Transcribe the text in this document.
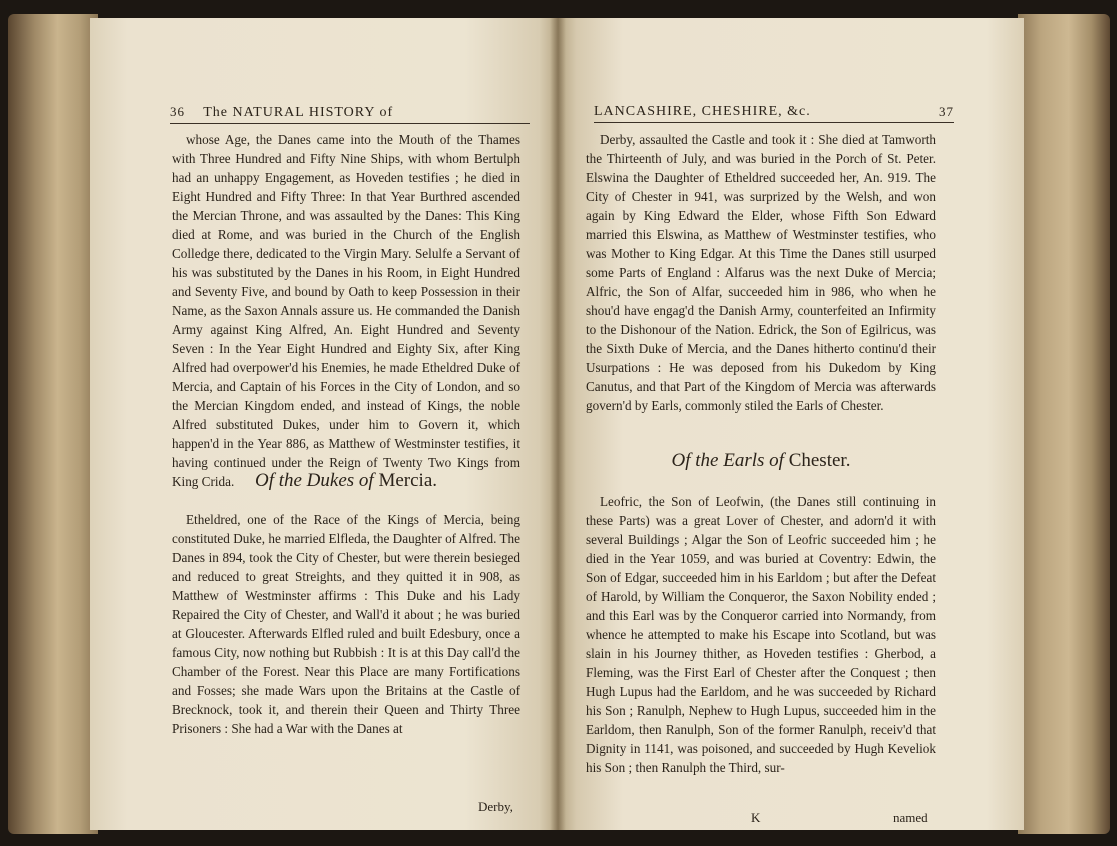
36 The NATURAL HISTORY of

whose Age, the Danes came into the Mouth of the Thames with Three Hundred and Fifty Nine Ships, with whom Bertulph had an unhappy Engagement, as Hoveden testifies ; he died in Eight Hundred and Fifty Three: In that Year Burthred ascended the Mercian Throne, and was assaulted by the Danes: This King died at Rome, and was buried in the Church of the English Colledge there, dedicated to the Virgin Mary. Selulfe a Servant of his was substituted by the Danes in his Room, in Eight Hundred and Seventy Five, and bound by Oath to keep Possession in their Name, as the Saxon Annals assure us. He commanded the Danish Army against King Alfred, An. Eight Hundred and Seventy Seven : In the Year Eight Hundred and Eighty Six, after King Alfred had overpower'd his Enemies, he made Etheldred Duke of Mercia, and Captain of his Forces in the City of London, and so the Mercian Kingdom ended, and instead of Kings, the noble Alfred substituted Dukes, under him to Govern it, which happen'd in the Year 886, as Matthew of Westminster testifies, it having continued under the Reign of Twenty Two Kings from King Crida.	Of the Dukes of Mercia.

Etheldred, one of the Race of the Kings of Mercia, being constituted Duke, he married Elfleda, the Daughter of Alfred. The Danes in 894, took the City of Chester, but were therein besieged and reduced to great Streights, and they quitted it in 908, as Matthew of Westminster affirms : This Duke and his Lady Repaired the City of Chester, and Wall'd it about ; he was buried at Gloucester. Afterwards Elfled ruled and built Edesbury, once a famous City, now nothing but Rubbish : It is at this Day call'd the Chamber of the Forest. Near this Place are many Fortifications and Fosses; she made Wars upon the Britains at the Castle of Brecknock, took it, and therein their Queen and Thirty Three Prisoners : She had a War with the Danes at

Derby,
LANCASHIRE, CHESHIRE, &c.	37

Derby, assaulted the Castle and took it : She died at Tamworth the Thirteenth of July, and was buried in the Porch of St. Peter. Elswina the Daughter of Etheldred succeeded her, An. 919. The City of Chester in 941, was surprized by the Welsh, and won again by King Edward the Elder, whose Fifth Son Edward married this Elswina, as Matthew of Westminster testifies, who was Mother to King Edgar. At this Time the Danes still usurped some Parts of England : Alfarus was the next Duke of Mercia; Alfric, the Son of Alfar, succeeded him in 986, who when he shou'd have engag'd the Danish Army, counterfeited an Infirmity to the Dishonour of the Nation. Edrick, the Son of Egilricus, was the Sixth Duke of Mercia, and the Danes hitherto continu'd their Usurpations : He was deposed from his Dukedom by King Canutus, and that Part of the Kingdom of Mercia was afterwards govern'd by Earls, commonly stiled the Earls of Chester.

Of the Earls of Chester.

Leofric, the Son of Leofwin, (the Danes still continuing in these Parts) was a great Lover of Chester, and adorn'd it with several Buildings ; Algar the Son of Leofric succeeded him ; he died in the Year 1059, and was buried at Coventry: Edwin, the Son of Edgar, succeeded him in his Earldom ; but after the Defeat of Harold, by William the Conqueror, the Saxon Nobility ended ; and this Earl was by the Conqueror carried into Normandy, from whence he attempted to make his Escape into Scotland, but was slain in his Journey thither, as Hoveden testifies : Gherbod, a Fleming, was the First Earl of Chester after the Conquest ; then Hugh Lupus had the Earldom, and he was succeeded by Richard his Son ; Ranulph, Nephew to Hugh Lupus, succeeded him in the Earldom, then Ranulph, Son of the former Ranulph, receiv'd that Dignity in 1141, was poisoned, and succeeded by Hugh Keveliok his Son ; then Ranulph the Third, sur-

K	named
